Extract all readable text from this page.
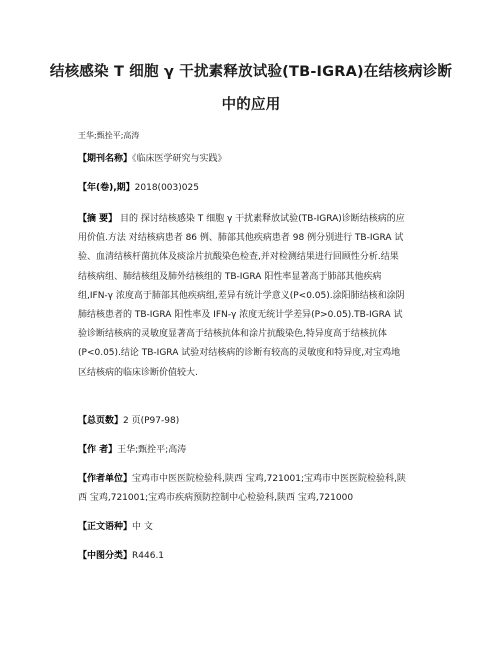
结核感染 T 细胞 γ 干扰素释放试验(TB-IGRA)在结核病诊断
中的应用
王华;甄拴平;高涛
【期刊名称】《临床医学研究与实践》
【年(卷),期】2018(003)025
【摘 要】 目的 探讨结核感染 T 细胞 γ 干扰素释放试验(TB-IGRA)诊断结核病的应
用价值.方法 对结核病患者 86 例、肺部其他疾病患者 98 例分别进行 TB-IGRA 试
验、血清结核杆菌抗体及痰涂片抗酸染色检查,并对检测结果进行回顾性分析.结果
结核病组、肺结核组及肺外结核组的 TB-IGRA 阳性率显著高于肺部其他疾病
组,IFN-γ 浓度高于肺部其他疾病组,差异有统计学意义(P<0.05).涂阳肺结核和涂阴
肺结核患者的 TB-IGRA 阳性率及 IFN-γ 浓度无统计学差异(P>0.05).TB-IGRA 试
验诊断结核病的灵敏度显著高于结核抗体和涂片抗酸染色,特异度高于结核抗体
(P<0.05).结论 TB-IGRA 试验对结核病的诊断有较高的灵敏度和特异度,对宝鸡地
区结核病的临床诊断价值较大.
【总页数】2 页(P97-98)
【作 者】王华;甄拴平;高涛
【作者单位】宝鸡市中医医院检验科,陕西 宝鸡,721001;宝鸡市中医医院检验科,陕
西 宝鸡,721001;宝鸡市疾病预防控制中心检验科,陕西 宝鸡,721000
【正文语种】中 文
【中图分类】R446.1
